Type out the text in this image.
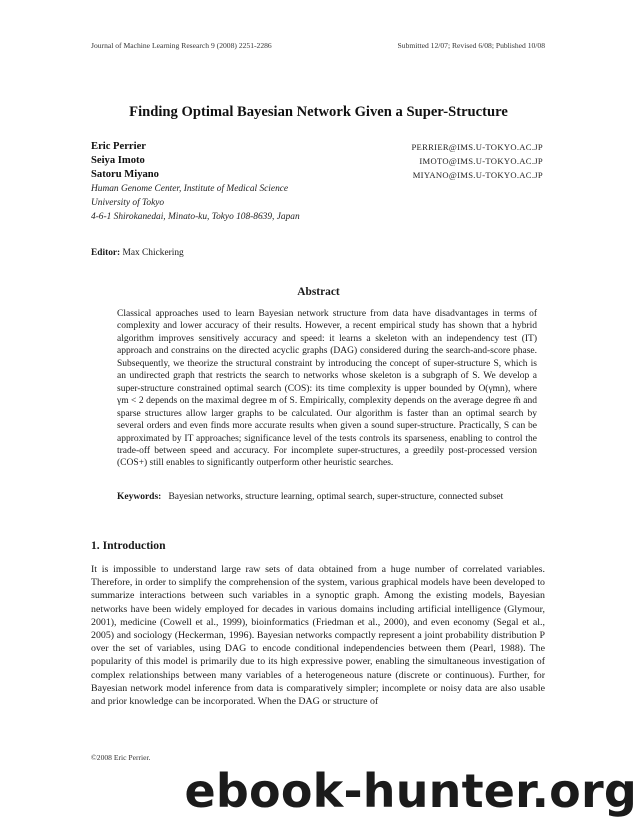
Journal of Machine Learning Research 9 (2008) 2251-2286	Submitted 12/07; Revised 6/08; Published 10/08
Finding Optimal Bayesian Network Given a Super-Structure
Eric Perrier	PERRIER@IMS.U-TOKYO.AC.JP
Seiya Imoto	IMOTO@IMS.U-TOKYO.AC.JP
Satoru Miyano	MIYANO@IMS.U-TOKYO.AC.JP
Human Genome Center, Institute of Medical Science
University of Tokyo
4-6-1 Shirokanedai, Minato-ku, Tokyo 108-8639, Japan
Editor: Max Chickering
Abstract
Classical approaches used to learn Bayesian network structure from data have disadvantages in terms of complexity and lower accuracy of their results. However, a recent empirical study has shown that a hybrid algorithm improves sensitively accuracy and speed: it learns a skeleton with an independency test (IT) approach and constrains on the directed acyclic graphs (DAG) considered during the search-and-score phase. Subsequently, we theorize the structural constraint by introducing the concept of super-structure S, which is an undirected graph that restricts the search to networks whose skeleton is a subgraph of S. We develop a super-structure constrained optimal search (COS): its time complexity is upper bounded by O(γmn), where γm < 2 depends on the maximal degree m of S. Empirically, complexity depends on the average degree m̃ and sparse structures allow larger graphs to be calculated. Our algorithm is faster than an optimal search by several orders and even finds more accurate results when given a sound super-structure. Practically, S can be approximated by IT approaches; significance level of the tests controls its sparseness, enabling to control the trade-off between speed and accuracy. For incomplete super-structures, a greedily post-processed version (COS+) still enables to significantly outperform other heuristic searches.
Keywords: Bayesian networks, structure learning, optimal search, super-structure, connected subset
1. Introduction
It is impossible to understand large raw sets of data obtained from a huge number of correlated variables. Therefore, in order to simplify the comprehension of the system, various graphical models have been developed to summarize interactions between such variables in a synoptic graph. Among the existing models, Bayesian networks have been widely employed for decades in various domains including artificial intelligence (Glymour, 2001), medicine (Cowell et al., 1999), bioinformatics (Friedman et al., 2000), and even economy (Segal et al., 2005) and sociology (Heckerman, 1996). Bayesian networks compactly represent a joint probability distribution P over the set of variables, using DAG to encode conditional independencies between them (Pearl, 1988). The popularity of this model is primarily due to its high expressive power, enabling the simultaneous investigation of complex relationships between many variables of a heterogeneous nature (discrete or continuous). Further, for Bayesian network model inference from data is comparatively simpler; incomplete or noisy data are also usable and prior knowledge can be incorporated. When the DAG or structure of
©2008 Eric Perrier.
ebook-hunter.org
